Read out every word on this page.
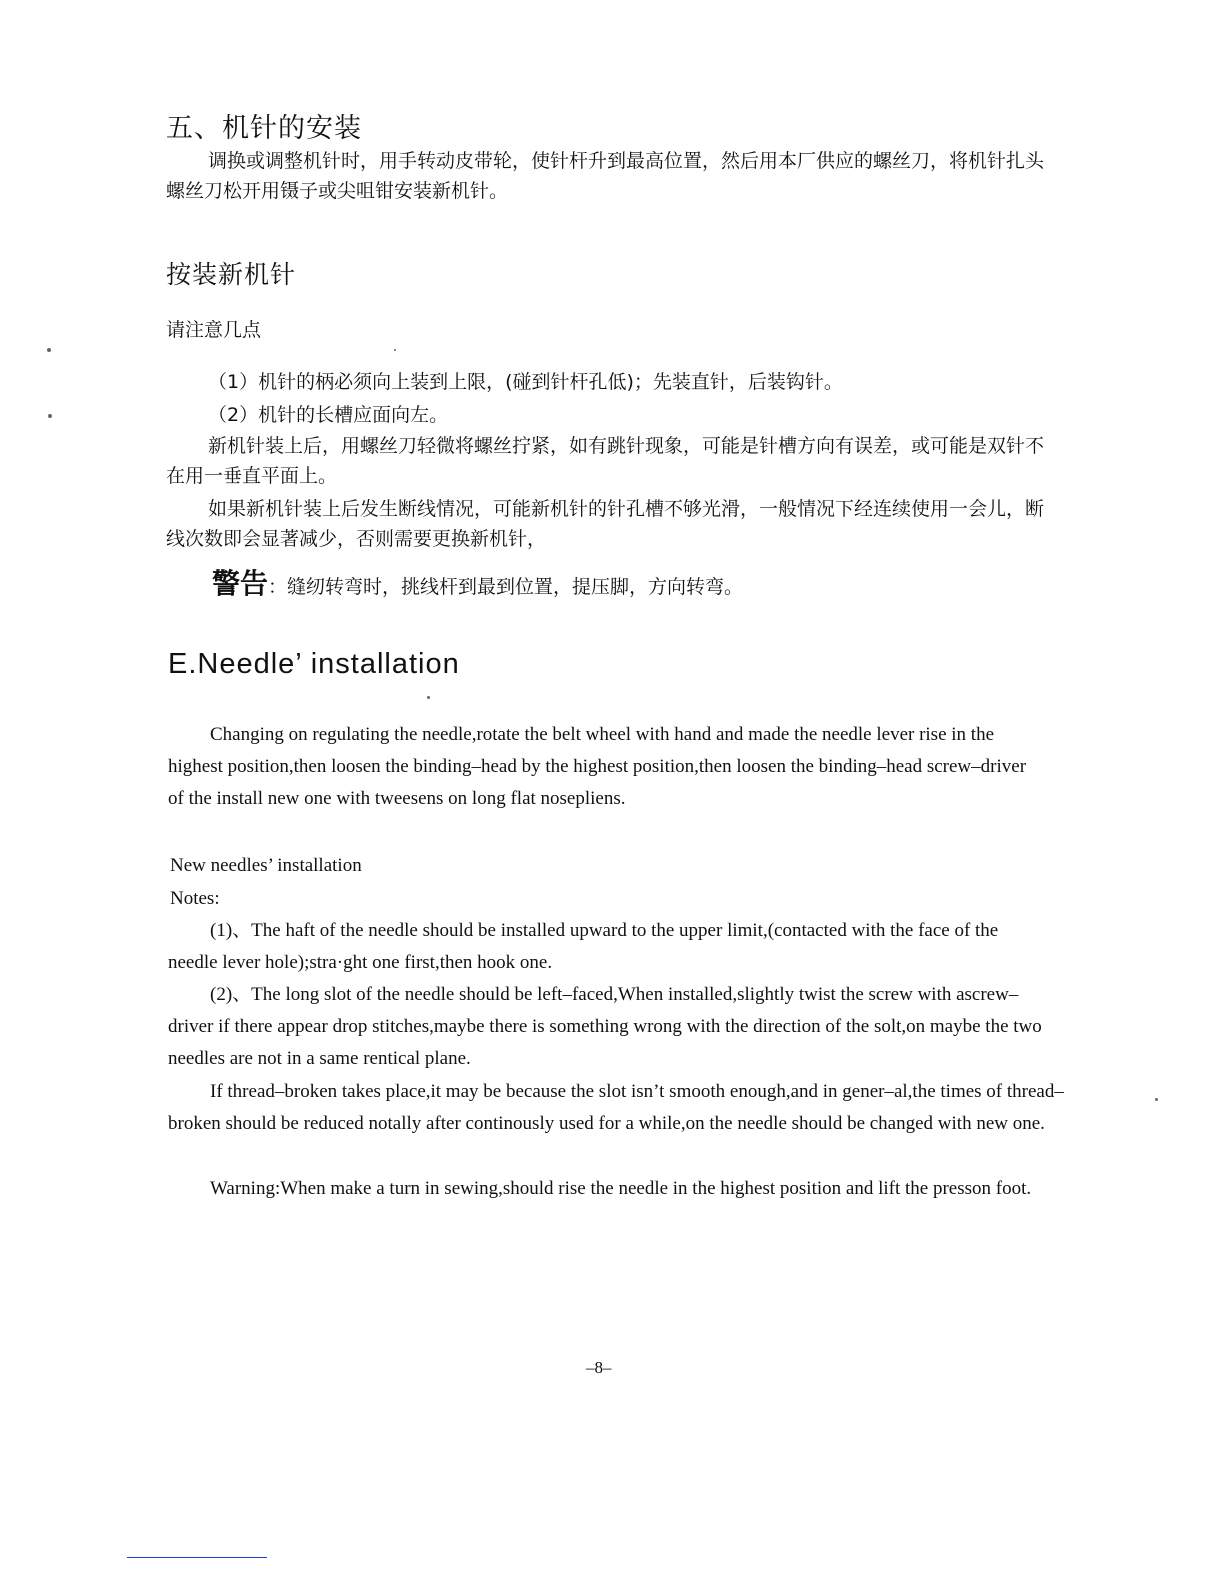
五、机针的安装

调换或调整机针时，用手转动皮带轮，使针杆升到最高位置，然后用本厂供应的螺丝刀，将机针扎头螺丝刀松开用镊子或尖咀钳安装新机针。

按装新机针

请注意几点

（1）机针的柄必须向上装到上限，(碰到针杆孔低)；先装直针，后装钩针。

（2）机针的长槽应面向左。

新机针装上后，用螺丝刀轻微将螺丝拧紧，如有跳针现象，可能是针槽方向有误差，或可能是双针不在用一垂直平面上。

如果新机针装上后发生断线情况，可能新机针的针孔槽不够光滑，一般情况下经连续使用一会儿，断线次数即会显著减少，否则需要更换新机针，

警告：缝纫转弯时，挑线杆到最到位置，提压脚，方向转弯。
E.Needle’ installation

Changing on regulating the needle,rotate the belt wheel with hand and made the needle lever rise in the highest position,then loosen the binding–head by the highest position,then loosen the binding–head screw–driver of the install new one with tweesens on long flat nosepliens.

New needles’ installation

Notes:

(1)、The haft of the needle should be installed upward to the upper limit,(contacted with the face of the needle lever hole);stra·ght one first,then hook one.

(2)、The long slot of the needle should be left–faced,When installed,slightly twist the screw with ascrew–driver if there appear drop stitches,maybe there is something wrong with the direction of the solt,on maybe the two needles are not in a same rentical plane.

If thread–broken takes place,it may be because the slot isn’t smooth enough,and in gener–al,the times of thread–broken should be reduced notally after continously used for a while,on the needle should be changed with new one.

Warning:When make a turn in sewing,should rise the needle in the highest position and lift the presson foot.

–8–
